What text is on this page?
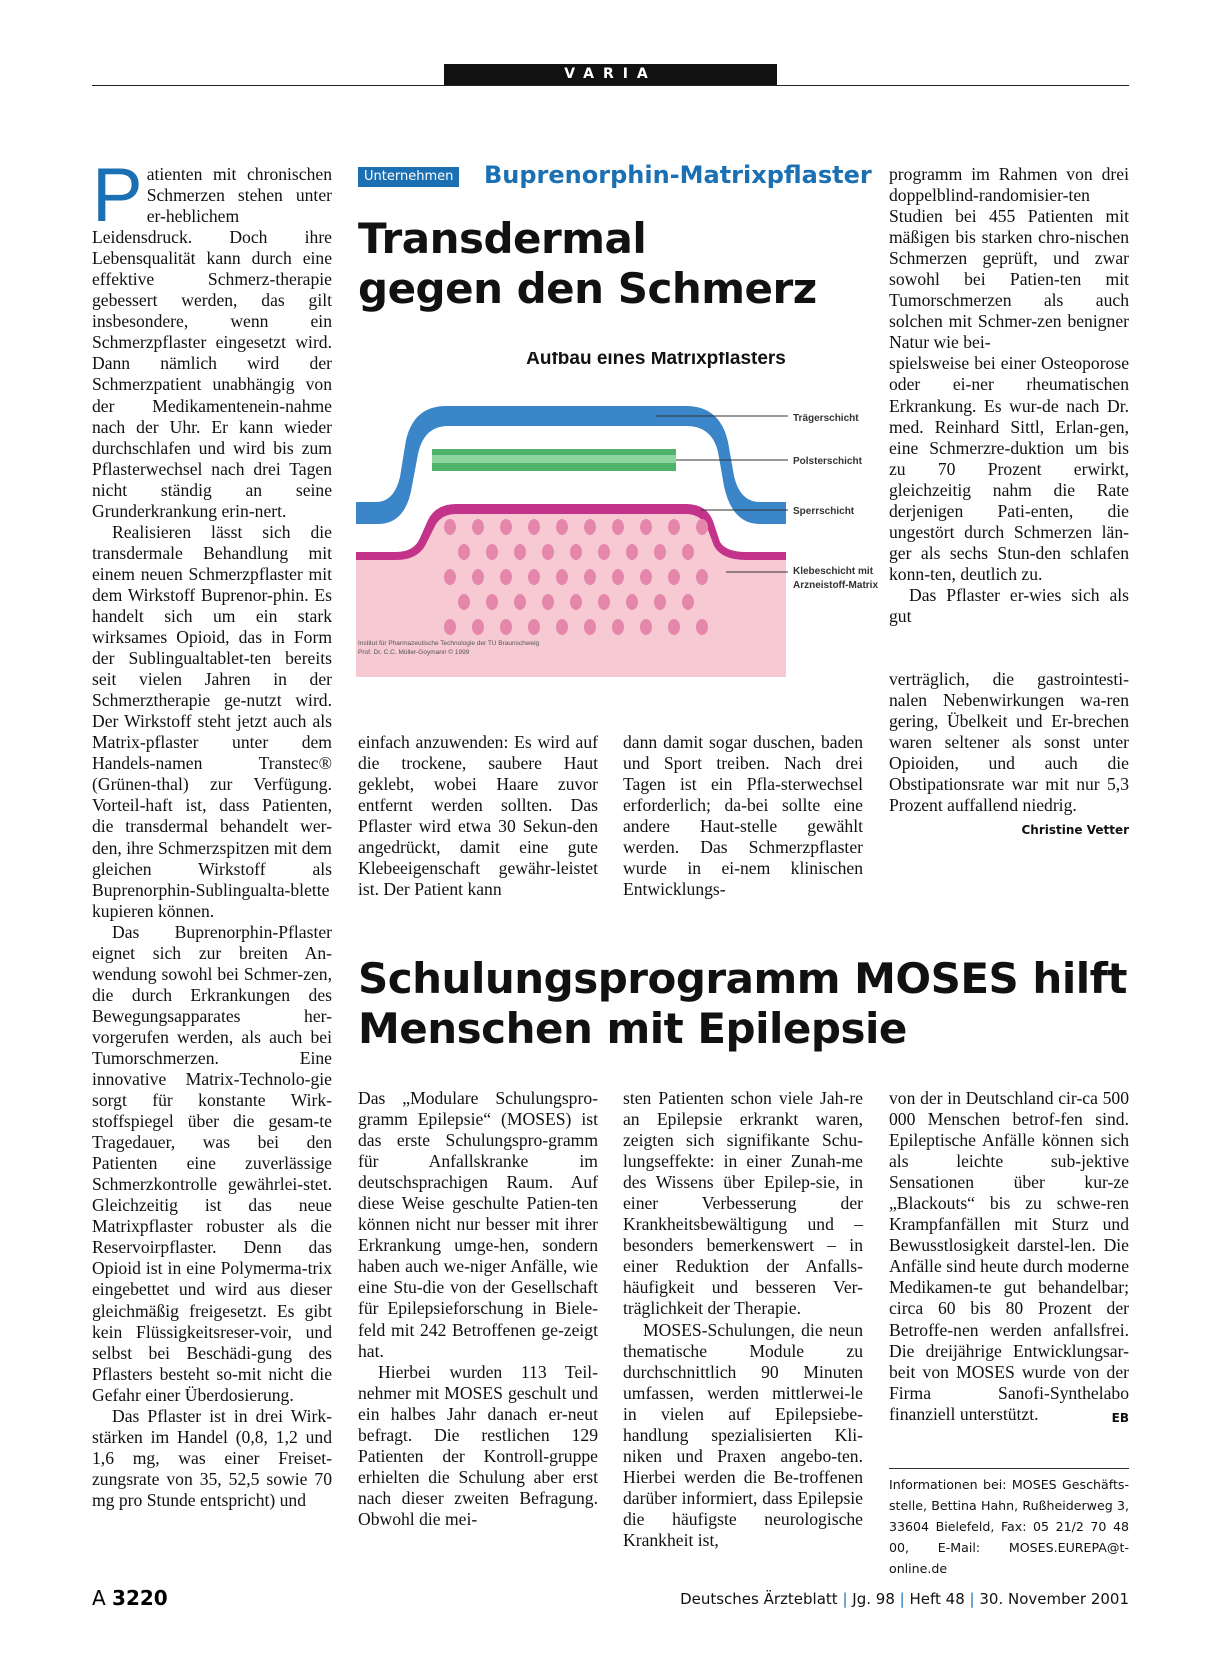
VARIA

Patienten mit chronischen Schmerzen stehen unter er-heblichem Leidensdruck. Doch ihre Lebensqualität kann durch eine effektive Schmerz-therapie gebessert werden, das gilt insbesondere, wenn ein Schmerzpflaster eingesetzt wird. Dann nämlich wird der Schmerzpatient unabhängig von der Medikamentenein-nahme nach der Uhr. Er kann wieder durchschlafen und wird bis zum Pflasterwechsel nach drei Tagen nicht ständig an seine Grunderkrankung erin-nert.

Realisieren lässt sich die transdermale Behandlung mit einem neuen Schmerzpflaster mit dem Wirkstoff Buprenor-phin. Es handelt sich um ein stark wirksames Opioid, das in Form der Sublingualtablet-ten bereits seit vielen Jahren in der Schmerztherapie ge-nutzt wird. Der Wirkstoff steht jetzt auch als Matrix-pflaster unter dem Handels-namen Transtec® (Grünen-thal) zur Verfügung. Vorteil-haft ist, dass Patienten, die transdermal behandelt wer-den, ihre Schmerzspitzen mit dem gleichen Wirkstoff als Buprenorphin-Sublingualta-blette kupieren können.

Das Buprenorphin-Pflaster eignet sich zur breiten An-wendung sowohl bei Schmer-zen, die durch Erkrankungen des Bewegungsapparates her-vorgerufen werden, als auch bei Tumorschmerzen. Eine innovative Matrix-Technolo-gie sorgt für konstante Wirk-stoffspiegel über die gesam-te Tragedauer, was bei den Patienten eine zuverlässige Schmerzkontrolle gewährlei-stet. Gleichzeitig ist das neue Matrixpflaster robuster als die Reservoirpflaster. Denn das Opioid ist in eine Polymerma-trix eingebettet und wird aus dieser gleichmäßig freigesetzt. Es gibt kein Flüssigkeitsreser-voir, und selbst bei Beschädi-gung des Pflasters besteht so-mit nicht die Gefahr einer Überdosierung.

Das Pflaster ist in drei Wirk-stärken im Handel (0,8, 1,2 und 1,6 mg, was einer Freiset-zungsrate von 35, 52,5 sowie 70 mg pro Stunde entspricht) und

Unternehmen Buprenorphin-Matrixpflaster
Transdermal
gegen den Schmerz
Aufbau eines Matrixpflasters
Trägerschicht
Polsterschicht
Sperrschicht
Klebeschicht mit
Arzneistoff-Matrix
Institut für Pharmazeutische Technologie der TU Braunschweig
Prof. Dr. C.C. Müller-Goymann © 1999

einfach anzuwenden: Es wird auf die trockene, saubere Haut geklebt, wobei Haare zuvor entfernt werden sollten. Das Pflaster wird etwa 30 Sekun-den angedrückt, damit eine gute Klebeeigenschaft gewähr-leistet ist. Der Patient kann

dann damit sogar duschen, baden und Sport treiben. Nach drei Tagen ist ein Pfla-sterwechsel erforderlich; da-bei sollte eine andere Haut-stelle gewählt werden. Das Schmerzpflaster wurde in ei-nem klinischen Entwicklungs-

programm im Rahmen von drei doppelblind-randomisier-ten Studien bei 455 Patienten mit mäßigen bis starken chro-nischen Schmerzen geprüft, und zwar sowohl bei Patien-ten mit Tumorschmerzen als auch solchen mit Schmer-zen benigner Natur wie bei-

spielsweise bei einer Osteoporose oder ei-ner rheumatischen Erkrankung. Es wur-de nach Dr. med. Reinhard Sittl, Erlan-gen, eine Schmerzre-duktion um bis zu 70 Prozent erwirkt, gleichzeitig nahm die Rate derjenigen Pati-enten, die ungestört durch Schmerzen län-ger als sechs Stun-den schlafen konn-ten, deutlich zu.

Das Pflaster er-wies sich als gut

verträglich, die gastrointesti-nalen Nebenwirkungen wa-ren gering, Übelkeit und Er-brechen waren seltener als sonst unter Opioiden, und auch die Obstipationsrate war mit nur 5,3 Prozent auffallend niedrig.
Christine Vetter

Schulungsprogramm MOSES hilft
Menschen mit Epilepsie

Das „Modulare Schulungspro-gramm Epilepsie“ (MOSES) ist das erste Schulungspro-gramm für Anfallskranke im deutschsprachigen Raum. Auf diese Weise geschulte Patien-ten können nicht nur besser mit ihrer Erkrankung umge-hen, sondern haben auch we-niger Anfälle, wie eine Stu-die von der Gesellschaft für Epilepsieforschung in Biele-feld mit 242 Betroffenen ge-zeigt hat.

Hierbei wurden 113 Teil-nehmer mit MOSES geschult und ein halbes Jahr danach er-neut befragt. Die restlichen 129 Patienten der Kontroll-gruppe erhielten die Schulung aber erst nach dieser zweiten Befragung. Obwohl die mei-

sten Patienten schon viele Jah-re an Epilepsie erkrankt waren, zeigten sich signifikante Schu-lungseffekte: in einer Zunah-me des Wissens über Epilep-sie, in einer Verbesserung der Krankheitsbewältigung und – besonders bemerkenswert – in einer Reduktion der Anfalls-häufigkeit und besseren Ver-träglichkeit der Therapie.

MOSES-Schulungen, die neun thematische Module zu durchschnittlich 90 Minuten umfassen, werden mittlerwei-le in vielen auf Epilepsiebe-handlung spezialisierten Kli-niken und Praxen angebo-ten. Hierbei werden die Be-troffenen darüber informiert, dass Epilepsie die häufigste neurologische Krankheit ist,

von der in Deutschland cir-ca 500 000 Menschen betrof-fen sind. Epileptische Anfälle können sich als leichte sub-jektive Sensationen über kur-ze „Blackouts“ bis zu schwe-ren Krampfanfällen mit Sturz und Bewusstlosigkeit darstel-len. Die Anfälle sind heute durch moderne Medikamen-te gut behandelbar; circa 60 bis 80 Prozent der Betroffe-nen werden anfallsfrei. Die dreijährige Entwicklungsar-beit von MOSES wurde von der Firma Sanofi-Synthelabo finanziell unterstützt.	EB

Informationen bei: MOSES Geschäfts-stelle, Bettina Hahn, Rußheiderweg 3, 33604 Bielefeld, Fax: 05 21/2 70 48 00, E-Mail: MOSES.EUREPA@t-online.de
A 3220	Deutsches Ärzteblatt | Jg. 98 | Heft 48 | 30. November 2001
